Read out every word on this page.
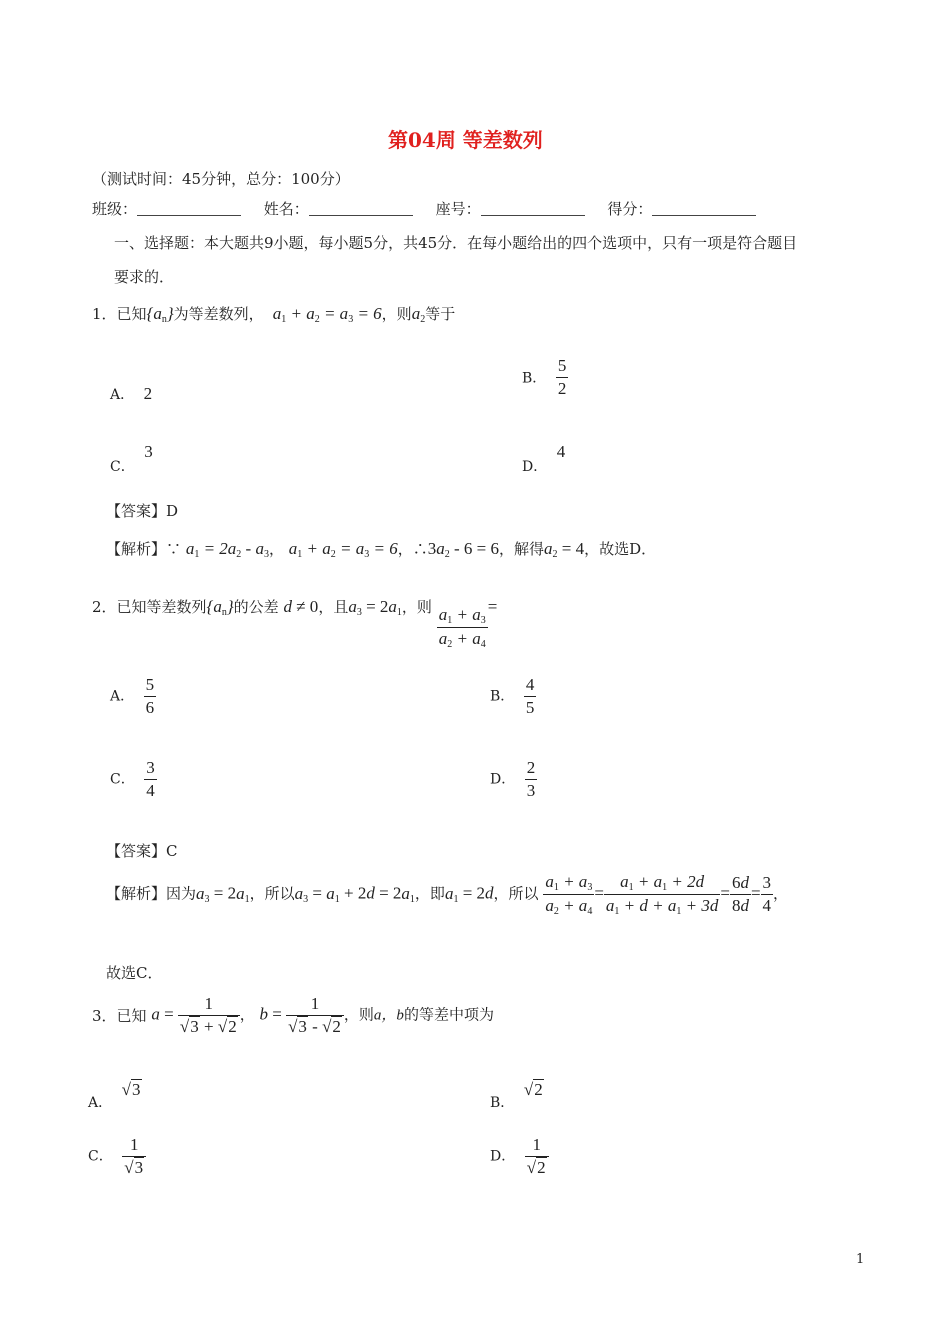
第04周 等差数列
（测试时间：45分钟，总分：100分）
班级：	姓名：	座号：	得分：
一、选择题：本大题共9小题，每小题5分，共45分．在每小题给出的四个选项中，只有一项是符合题目
要求的．
1．已知$\{a_n\}$为等差数列，  $a_1 + a_2 = a_3 = 6$，则$a_2$等于
A． 2
B． $\frac{5}{2}$
C．  3
D．  4
【答案】D
【解析】∵ $a_1 = 2a_2 - a_3$， $a_1 + a_2 = a_3 = 6$，$\therefore 3a_2 - 6 = 6$，解得$a_2 = 4$，故选D．
2．已知等差数列$\{a_n\}$的公差 d ≠ 0，且$a_3 = 2a_1$，则 $\frac{a_1 + a_3}{a_2 + a_4}$ =
A． $\frac{5}{6}$	B． $\frac{4}{5}$
C． $\frac{3}{4}$	D． $\frac{2}{3}$
【答案】C
【解析】因为$a_3 = 2a_1$，所以$a_3 = a_1 + 2d = 2a_1$，即$a_1 = 2d$，所以 $\frac{a_1 + a_3}{a_2 + a_4} = \frac{a_1 + a_1 + 2d}{a_1 + d + a_1 + 3d} = \frac{6d}{8d} = \frac{3}{4}$ ，
故选C．
3．已知 $a = \frac{1}{√3 + √2}$ ， $b = \frac{1}{√3 - √2}$ ，则a，b的等差中项为
A．  √3
B．  √2
C． $\frac{1}{√3}$	D． $\frac{1}{√2}$
1
